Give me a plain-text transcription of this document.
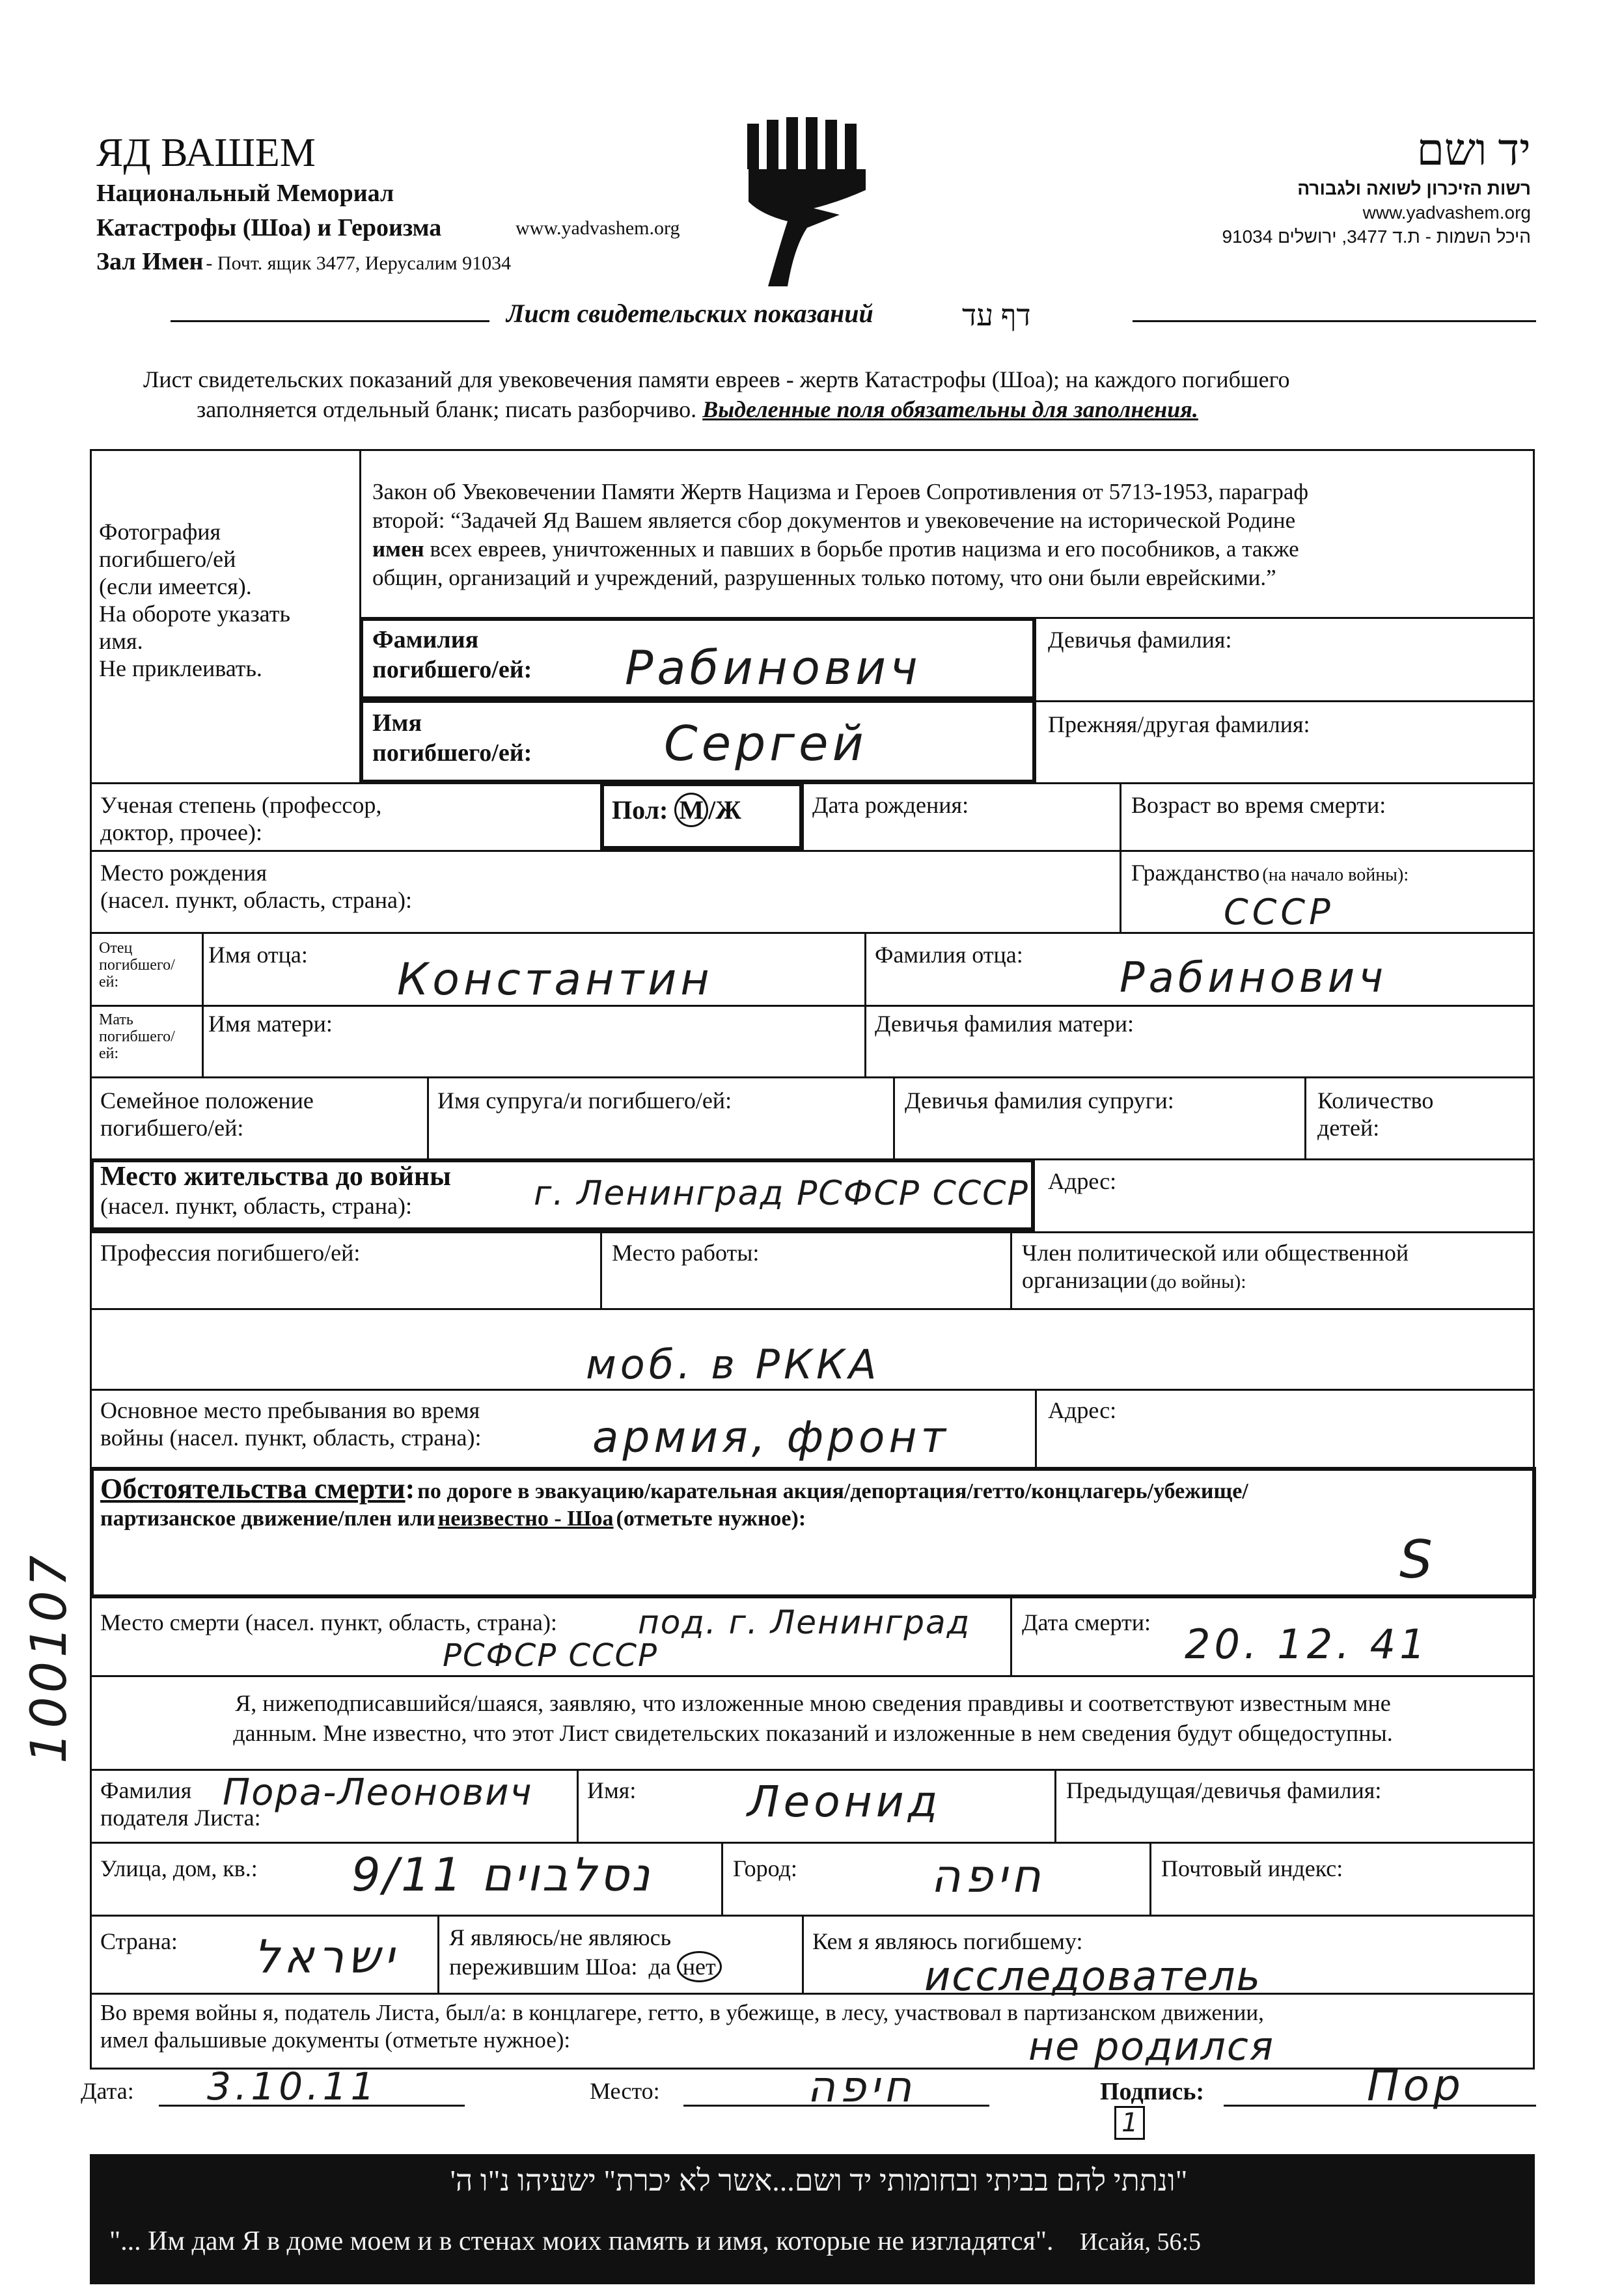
ЯД ВАШЕМ
Национальный Мемориал
Катастрофы (Шоа) и Героизма	www.yadvashem.org
Зал Имен - Почт. ящик 3477, Иерусалим 91034
יד ושם
רשות הזיכרון לשואה ולגבורה
www.yadvashem.org
היכל השמות - ת.ד 3477, ירושלים 91034
Лист свидетельских показаний	דף עד
Лист свидетельских показаний для увековечения памяти евреев - жертв Катастрофы (Шоа); на каждого погибшего
заполняется отдельный бланк; писать разборчиво. Выделенные поля обязательны для заполнения.
Фотография
погибшего/ей
(если имеется).
На обороте указать
имя.
Не приклеивать.
Закон об Увековечении Памяти Жертв Нацизма и Героев Сопротивления от 5713-1953, параграф
второй: “Задачей Яд Вашем является сбор документов и увековечение на исторической Родине
имен всех евреев, уничтоженных и павших в борьбе против нацизма и его пособников, а также
общин, организаций и учреждений, разрушенных только потому, что они были еврейскими.”
Фамилия
погибшего/ей: Рабинович
Девичья фамилия:
Имя
погибшего/ей:	Сергей	Прежняя/другая фамилия:
Ученая степень (профессор,
доктор, прочее):
Пол: М /Ж	Дата рождения:	Возраст во время смерти:
Место рождения
(насел. пункт, область, страна):
Гражданство (на начало войны):
СССР
Отец
погибшего/
ей:
Имя отца: Константин	Фамилия отца: Рабинович
Мать
погибшего/
ей:
Имя матери:	Девичья фамилия матери:
Семейное положение
погибшего/ей:
Имя супруга/и погибшего/ей:	Девичья фамилия супруги:	Количество
детей:
Место жительства до войны
(насел. пункт, область, страна):	г. Ленинград РСФСР СССР Адрес:
Профессия погибшего/ей:	Место работы:	Член политической или общественной
организации (до войны):
моб. в РККА
Основное место пребывания во время
войны (насел. пункт, область, страна):	армия, фронт
Адрес:
Обстоятельства смерти: по дороге в эвакуацию/карательная акция/депортация/гетто/концлагерь/убежище/
партизанское движение/плен или неизвестно - Шоа (отметьте нужное):
S
Место смерти (насел. пункт, область, страна): под. г. Ленинград
РСФСР СССР
Дата смерти: 20. 12. 41
100107	Я, нижеподписавшийся/шаяся, заявляю, что изложенные мною сведения правдивы и соответствуют известным мне
данным. Мне известно, что этот Лист свидетельских показаний и изложенные в нем сведения будут общедоступны.
Фамилия
подателя Листа:
Пора-Леонович Имя:	Леонид	Предыдущая/девичья фамилия:
Улица, дом, кв.: 9/11 נסלבוים	Город:	חיפה	Почтовый индекс:
Страна: ישראל Я являюсь/не являюсь
пережившим Шоа: да нет
Кем я являюсь погибшему:
исследователь
Во время войны я, податель Листа, был/а: в концлагере, гетто, в убежище, в лесу, участвовал в партизанском движении,
имел фальшивые документы (отметьте нужное):	не родился
Дата: 3.10.11	Место:	חיפה	Подпись:	Пор
1
"ונתתי להם בביתי ובחומותי יד ושם...אשר לא יכרת" ישעיהו נ"ו ה'
"... Им дам Я в доме моем и в стенах моих память и имя, которые не изгладятся". Исайя, 56:5
